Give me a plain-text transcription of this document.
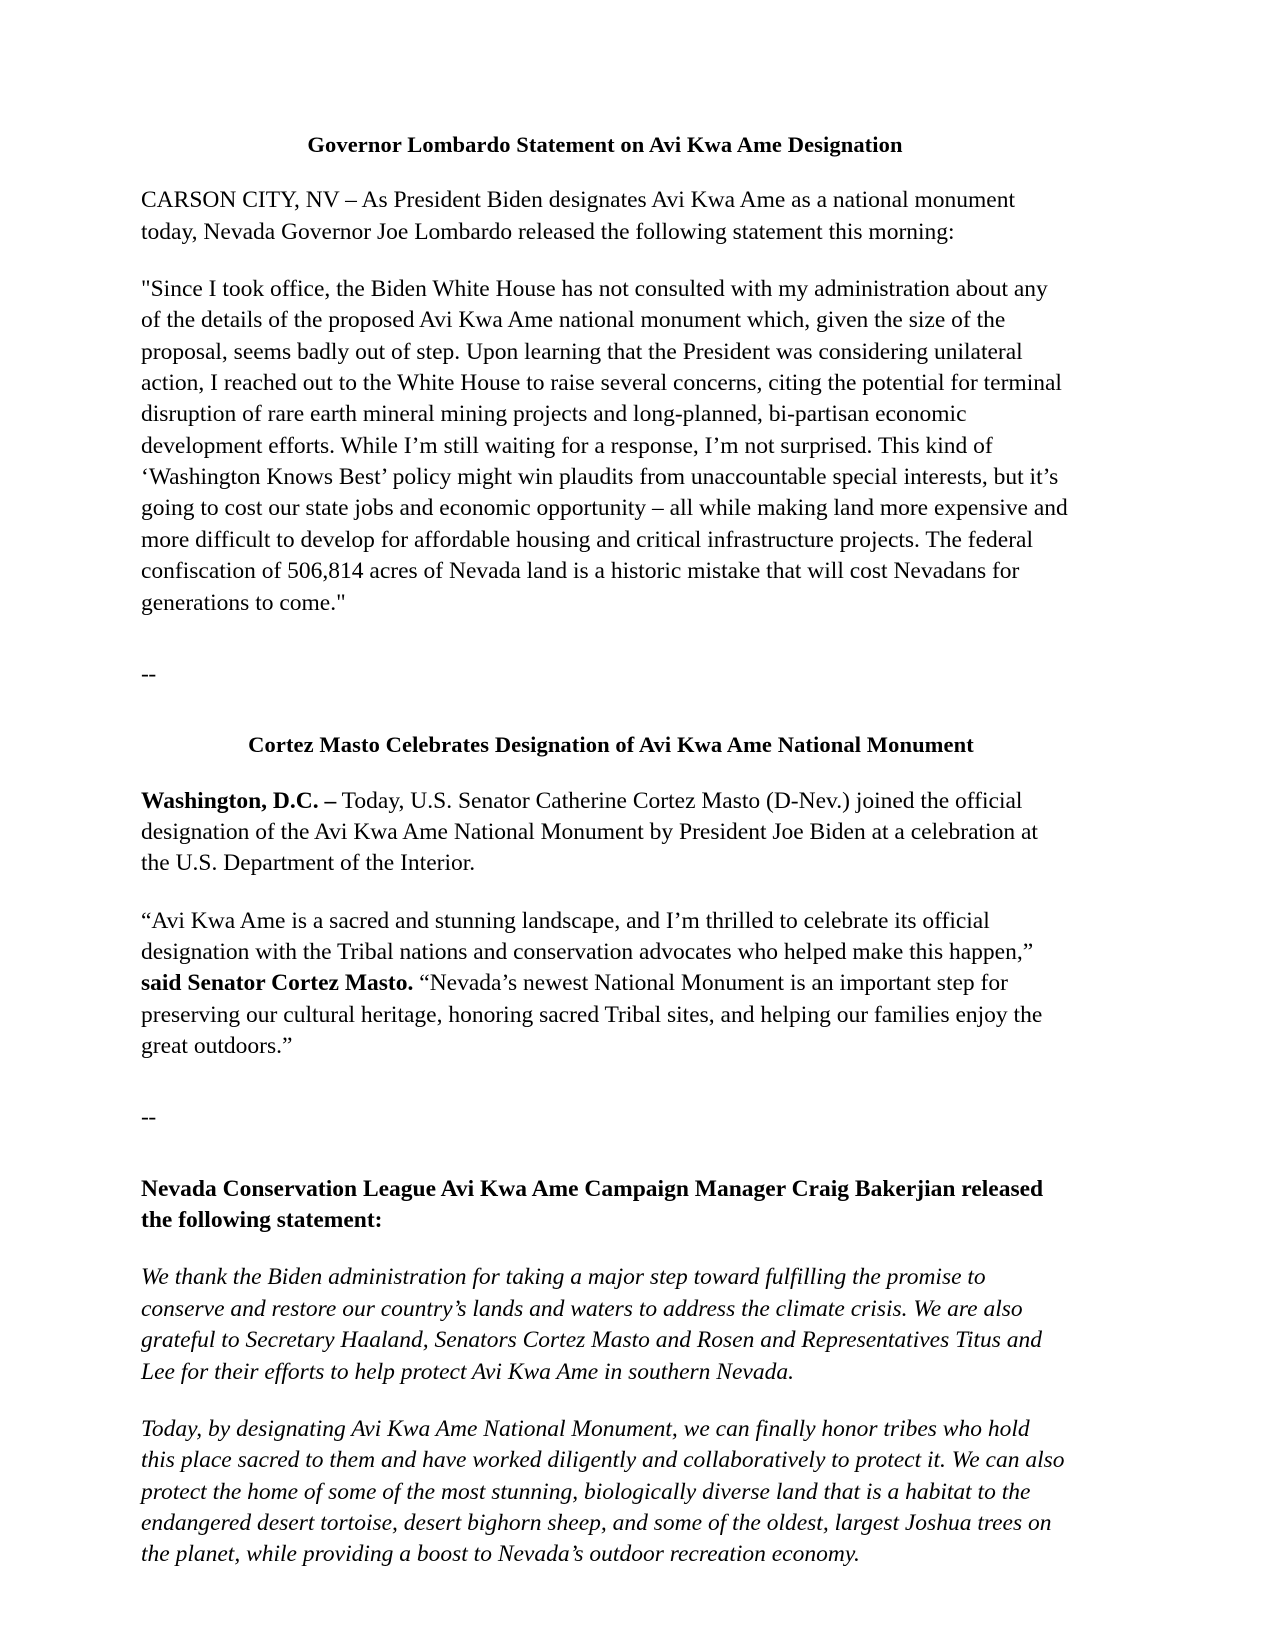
Governor Lombardo Statement on Avi Kwa Ame Designation

CARSON CITY, NV – As President Biden designates Avi Kwa Ame as a national monument today, Nevada Governor Joe Lombardo released the following statement this morning:

"Since I took office, the Biden White House has not consulted with my administration about any of the details of the proposed Avi Kwa Ame national monument which, given the size of the proposal, seems badly out of step. Upon learning that the President was considering unilateral action, I reached out to the White House to raise several concerns, citing the potential for terminal disruption of rare earth mineral mining projects and long-planned, bi-partisan economic development efforts. While I’m still waiting for a response, I’m not surprised. This kind of ‘Washington Knows Best’ policy might win plaudits from unaccountable special interests, but it’s going to cost our state jobs and economic opportunity – all while making land more expensive and more difficult to develop for affordable housing and critical infrastructure projects. The federal confiscation of 506,814 acres of Nevada land is a historic mistake that will cost Nevadans for generations to come."

--

Cortez Masto Celebrates Designation of Avi Kwa Ame National Monument

Washington, D.C. – Today, U.S. Senator Catherine Cortez Masto (D-Nev.) joined the official designation of the Avi Kwa Ame National Monument by President Joe Biden at a celebration at the U.S. Department of the Interior.

“Avi Kwa Ame is a sacred and stunning landscape, and I’m thrilled to celebrate its official designation with the Tribal nations and conservation advocates who helped make this happen,” said Senator Cortez Masto. “Nevada’s newest National Monument is an important step for preserving our cultural heritage, honoring sacred Tribal sites, and helping our families enjoy the great outdoors.”

--

Nevada Conservation League Avi Kwa Ame Campaign Manager Craig Bakerjian released the following statement:

We thank the Biden administration for taking a major step toward fulfilling the promise to conserve and restore our country’s lands and waters to address the climate crisis. We are also grateful to Secretary Haaland, Senators Cortez Masto and Rosen and Representatives Titus and Lee for their efforts to help protect Avi Kwa Ame in southern Nevada.

Today, by designating Avi Kwa Ame National Monument, we can finally honor tribes who hold this place sacred to them and have worked diligently and collaboratively to protect it. We can also protect the home of some of the most stunning, biologically diverse land that is a habitat to the endangered desert tortoise, desert bighorn sheep, and some of the oldest, largest Joshua trees on the planet, while providing a boost to Nevada’s outdoor recreation economy.
